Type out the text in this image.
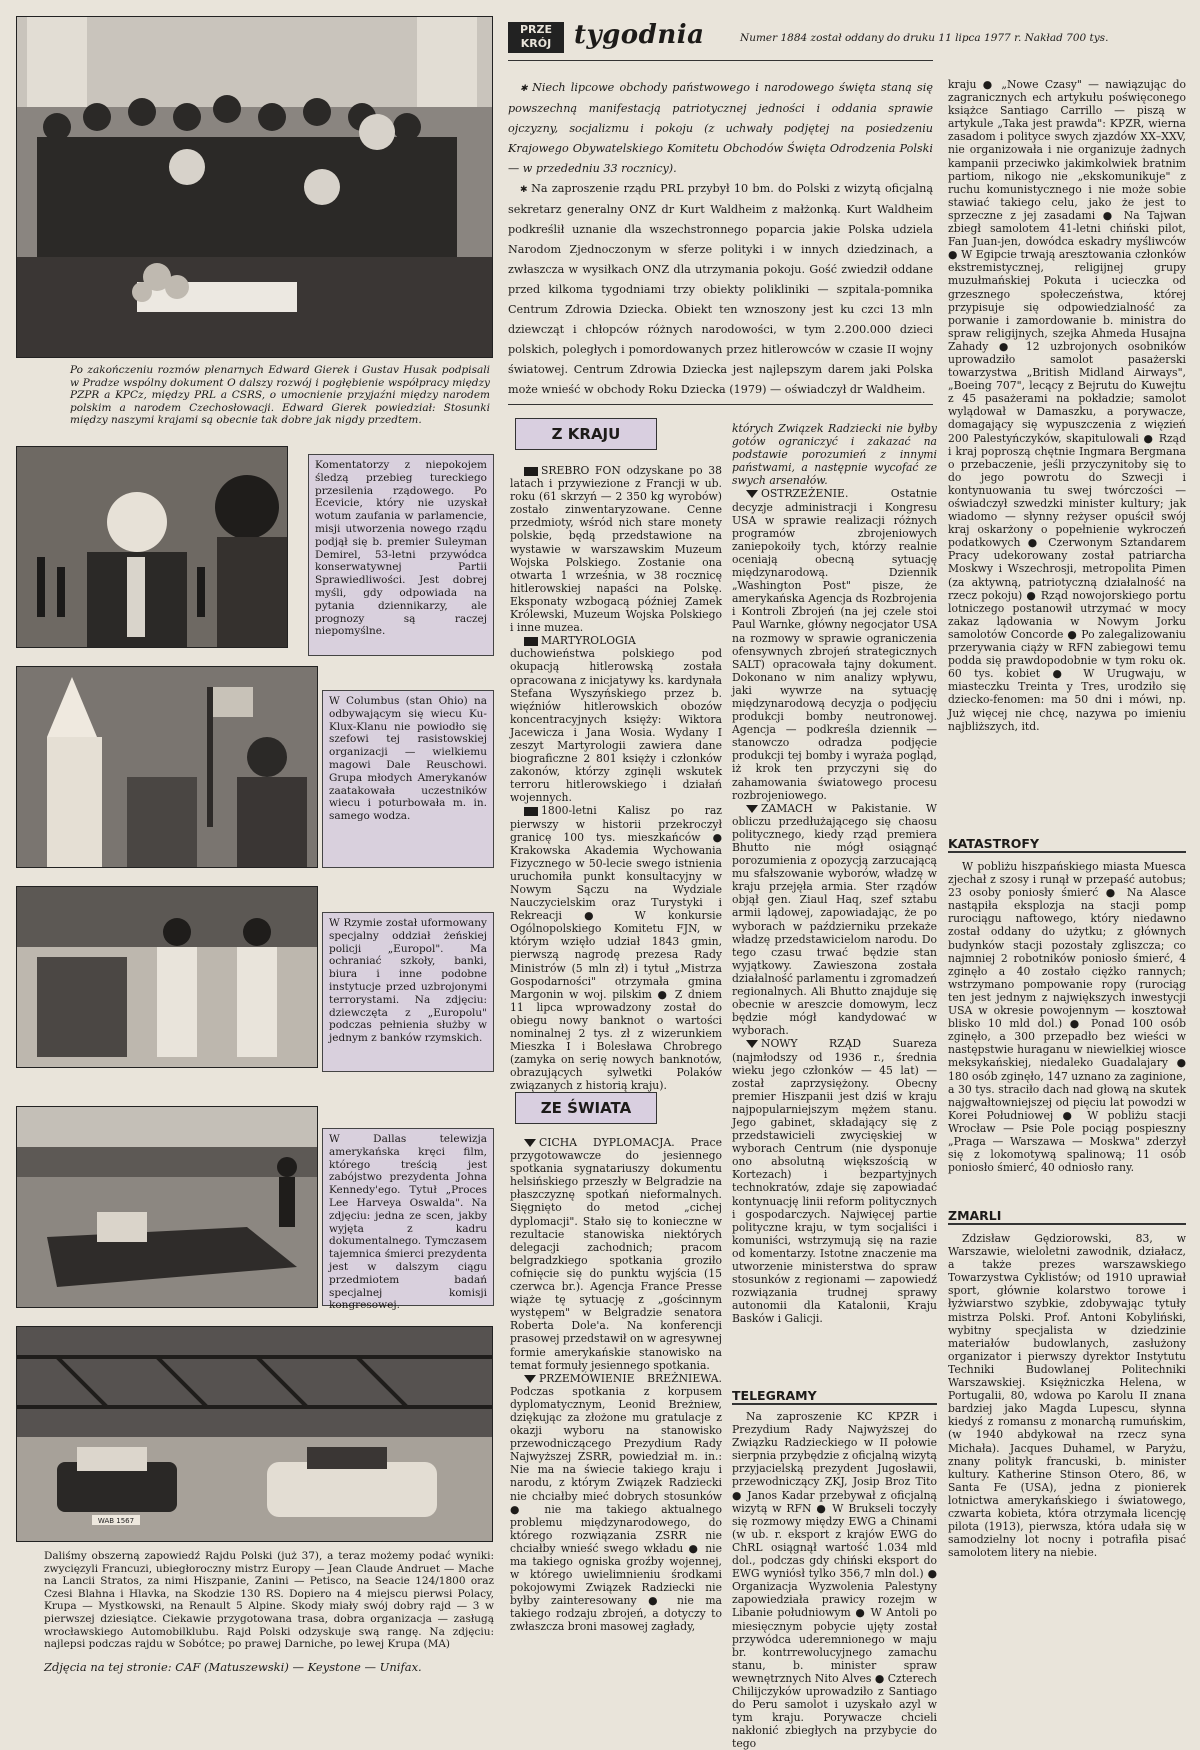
Po zakończeniu rozmów plenarnych Edward Gierek i Gustav Husak podpisali w Pradze wspólny dokument O dalszy rozwój i pogłębienie współpracy między PZPR a KPCz, między PRL a CSRS, o umocnienie przyjaźni między narodem polskim a narodem Czechosłowacji. Edward Gierek powiedział: Stosunki między naszymi krajami są obecnie tak dobre jak nigdy przedtem.
Komentatorzy z niepokojem śledzą przebieg tureckiego przesilenia rządowego. Po Ecevicie, który nie uzyskał wotum zaufania w parlamencie, misji utworzenia nowego rządu podjął się b. premier Suleyman Demirel, 53-letni przywódca konserwatywnej Partii Sprawiedliwości. Jest dobrej myśli, gdy odpowiada na pytania dziennikarzy, ale prognozy są raczej niepomyślne.
W Columbus (stan Ohio) na odbywającym się wiecu Ku-Klux-Klanu nie powiodło się szefowi tej rasistowskiej organizacji — wielkiemu magowi Dale Reuschowi. Grupa młodych Amerykanów zaatakowała uczestników wiecu i poturbowała m. in. samego wodza.
W Rzymie został uformowany specjalny oddział żeńskiej policji „Europol". Ma ochraniać szkoły, banki, biura i inne podobne instytucje przed uzbrojonymi terrorystami. Na zdjęciu: dziewczęta z „Europolu" podczas pełnienia służby w jednym z banków rzymskich.
W Dallas telewizja amerykańska kręci film, którego treścią jest zabójstwo prezydenta Johna Kennedy'ego. Tytuł „Proces Lee Harveya Oswalda". Na zdjęciu: jedna ze scen, jakby wyjęta z kadru dokumentalnego. Tymczasem tajemnica śmierci prezydenta jest w dalszym ciągu przedmiotem badań specjalnej komisji kongresowej.
WAB 1567
Daliśmy obszerną zapowiedź Rajdu Polski (już 37), a teraz możemy podać wyniki: zwycięzyli Francuzi, ubiegłoroczny mistrz Europy — Jean Claude Andruet — Mache na Lancii Stratos, za nimi Hiszpanie, Zanini — Petisco, na Seacie 124/1800 oraz Czesi Blahna i Hlavka, na Skodzie 130 RS. Dopiero na 4 miejscu pierwsi Polacy, Krupa — Mystkowski, na Renault 5 Alpine. Skody miały swój dobry rajd — 3 w pierwszej dziesiątce. Ciekawie przygotowana trasa, dobra organizacja — zasługą wrocławskiego Automobilklubu. Rajd Polski odzyskuje swą rangę. Na zdjęciu: najlepsi podczas rajdu w Sobótce; po prawej Darniche, po lewej Krupa (MA)
Zdjęcia na tej stronie: CAF (Matuszewski) — Keystone — Unifax.
PRZE
KRÓJ tygodnia	Numer 1884 został oddany do druku 11 lipca 1977 r. Nakład 700 tys.

✱ Niech lipcowe obchody państwowego i narodowego święta staną się powszechną manifestacją patriotycznej jedności i oddania sprawie ojczyzny, socjalizmu i pokoju (z uchwały podjętej na posiedzeniu Krajowego Obywatelskiego Komitetu Obchodów Święta Odrodzenia Polski — w przededniu 33 rocznicy).

✱ Na zaproszenie rządu PRL przybył 10 bm. do Polski z wizytą oficjalną sekretarz generalny ONZ dr Kurt Waldheim z małżonką. Kurt Waldheim podkreślił uznanie dla wszechstronnego poparcia jakie Polska udziela Narodom Zjednoczonym w sferze polityki i w innych dziedzinach, a zwłaszcza w wysiłkach ONZ dla utrzymania pokoju. Gość zwiedził oddane przed kilkoma tygodniami trzy obiekty polikliniki — szpitala-pomnika Centrum Zdrowia Dziecka. Obiekt ten wznoszony jest ku czci 13 mln dziewcząt i chłopców różnych narodowości, w tym 2.200.000 dzieci polskich, poległych i pomordowanych przez hitlerowców w czasie II wojny światowej. Centrum Zdrowia Dziecka jest najlepszym darem jaki Polska może wnieść w obchody Roku Dziecka (1979) — oświadczył dr Waldheim.

Z KRAJU

SREBRO FON odzyskane po 38 latach i przywiezione z Francji w ub. roku (61 skrzyń — 2 350 kg wyrobów) zostało zinwentaryzowane. Cenne przedmioty, wśród nich stare monety polskie, będą przedstawione na wystawie w warszawskim Muzeum Wojska Polskiego. Zostanie ona otwarta 1 września, w 38 rocznicę hitlerowskiej napaści na Polskę. Eksponaty wzbogacą później Zamek Królewski, Muzeum Wojska Polskiego i inne muzea.

MARTYROLOGIA duchowieństwa polskiego pod okupacją hitlerowską została opracowana z inicjatywy ks. kardynała Stefana Wyszyńskiego przez b. więźniów hitlerowskich obozów koncentracyjnych księży: Wiktora Jacewicza i Jana Wosia. Wydany I zeszyt Martyrologii zawiera dane biograficzne 2 801 księży i członków zakonów, którzy zginęli wskutek terroru hitlerowskiego i działań wojennych.

1800-letni Kalisz po raz pierwszy w historii przekroczył granicę 100 tys. mieszkańców ● Krakowska Akademia Wychowania Fizycznego w 50-lecie swego istnienia uruchomiła punkt konsultacyjny w Nowym Sączu na Wydziale Nauczycielskim oraz Turystyki i Rekreacji ● W konkursie Ogólnopolskiego Komitetu FJN, w którym wzięło udział 1843 gmin, pierwszą nagrodę prezesa Rady Ministrów (5 mln zł) i tytuł „Mistrza Gospodarności" otrzymała gmina Margonin w woj. pilskim ● Z dniem 11 lipca wprowadzony został do obiegu nowy banknot o wartości nominalnej 2 tys. zł z wizerunkiem Mieszka I i Bolesława Chrobrego (zamyka on serię nowych banknotów, obrazujących sylwetki Polaków związanych z historią kraju).

ZE ŚWIATA

CICHA DYPLOMACJA. Prace przygotowawcze do jesiennego spotkania sygnatariuszy dokumentu helsińskiego przeszły w Belgradzie na płaszczyznę spotkań nieformalnych. Sięgnięto do metod „cichej dyplomacji". Stało się to konieczne w rezultacie stanowiska niektórych delegacji zachodnich; pracom belgradzkiego spotkania groziło cofnięcie się do punktu wyjścia (15 czerwca br.). Agencja France Presse wiąże tę sytuację z „gościnnym występem" w Belgradzie senatora Roberta Dole'a. Na konferencji prasowej przedstawił on w agresywnej formie amerykańskie stanowisko na temat formuły jesiennego spotkania.

PRZEMÓWIENIE BREŻNIEWA. Podczas spotkania z korpusem dyplomatycznym, Leonid Breżniew, dziękując za złożone mu gratulacje z okazji wyboru na stanowisko przewodniczącego Prezydium Rady Najwyższej ZSRR, powiedział m. in.: Nie ma na świecie takiego kraju i narodu, z którym Związek Radziecki nie chciałby mieć dobrych stosunków ● nie ma takiego aktualnego problemu międzynarodowego, do którego rozwiązania ZSRR nie chciałby wnieść swego wkładu ● nie ma takiego ogniska groźby wojennej, w którego uwielimnieniu środkami pokojowymi Związek Radziecki nie byłby zainteresowany ● nie ma takiego rodzaju zbrojeń, a dotyczy to zwłaszcza broni masowej zagłady,

których Związek Radziecki nie byłby gotów ograniczyć i zakazać na podstawie porozumień z innymi państwami, a następnie wycofać ze swych arsenałów.

OSTRZEŻENIE. Ostatnie decyzje administracji i Kongresu USA w sprawie realizacji różnych programów zbrojeniowych zaniepokoiły tych, którzy realnie oceniają obecną sytuację międzynarodową. Dziennik „Washington Post" pisze, że amerykańska Agencja ds Rozbrojenia i Kontroli Zbrojeń (na jej czele stoi Paul Warnke, główny negocjator USA na rozmowy w sprawie ograniczenia ofensywnych zbrojeń strategicznych SALT) opracowała tajny dokument. Dokonano w nim analizy wpływu, jaki wywrze na sytuację międzynarodową decyzja o podjęciu produkcji bomby neutronowej. Agencja — podkreśla dziennik — stanowczo odradza podjęcie produkcji tej bomby i wyraża pogląd, iż krok ten przyczyni się do zahamowania światowego procesu rozbrojeniowego.

ZAMACH w Pakistanie. W obliczu przedłużającego się chaosu politycznego, kiedy rząd premiera Bhutto nie mógł osiągnąć porozumienia z opozycją zarzucającą mu sfałszowanie wyborów, władzę w kraju przejęła armia. Ster rządów objął gen. Ziaul Haq, szef sztabu armii lądowej, zapowiadając, że po wyborach w październiku przekaże władzę przedstawicielom narodu. Do tego czasu trwać będzie stan wyjątkowy. Zawieszona została działalność parlamentu i zgromadzeń regionalnych. Ali Bhutto znajduje się obecnie w areszcie domowym, lecz będzie mógł kandydować w wyborach.

NOWY RZĄD Suareza (najmłodszy od 1936 r., średnia wieku jego członków — 45 lat) — został zaprzysiężony. Obecny premier Hiszpanii jest dziś w kraju najpopularniejszym mężem stanu. Jego gabinet, składający się z przedstawicieli zwycięskiej w wyborach Centrum (nie dysponuje ono absolutną większością w Kortezach) i bezpartyjnych technokratów, zdaje się zapowiadać kontynuację linii reform politycznych i gospodarczych. Najwięcej partie polityczne kraju, w tym socjaliści i komuniści, wstrzymują się na razie od komentarzy. Istotne znaczenie ma utworzenie ministerstwa do spraw stosunków z regionami — zapowiedź rozwiązania trudnej sprawy autonomii dla Katalonii, Kraju Basków i Galicji.

TELEGRAMY

Na zaproszenie KC KPZR i Prezydium Rady Najwyższej do Związku Radzieckiego w II połowie sierpnia przybędzie z oficjalną wizytą przyjacielską prezydent Jugosławii, przewodniczący ZKJ, Josip Broz Tito ● Janos Kadar przebywał z oficjalną wizytą w RFN ● W Brukseli toczyły się rozmowy między EWG a Chinami (w ub. r. eksport z krajów EWG do ChRL osiągnął wartość 1.034 mld dol., podczas gdy chiński eksport do EWG wyniósł tylko 356,7 mln dol.) ● Organizacja Wyzwolenia Palestyny zapowiedziała prawicy rozejm w Libanie południowym ● W Antoli po miesięcznym pobycie ujęty został przywódca uderemnionego w maju br. kontrrewolucyjnego zamachu stanu, b. minister spraw wewnętrznych Nito Alves ● Czterech Chilijczyków uprowadziło z Santiago do Peru samolot i uzyskało azyl w tym kraju. Porywacze chcieli nakłonić zbiegłych na przybycie do tego

kraju ● „Nowe Czasy" — nawiązując do zagranicznych ech artykułu poświęconego książce Santiago Carrillo — piszą w artykule „Taka jest prawda": KPZR, wierna zasadom i polityce swych zjazdów XX–XXV, nie organizowała i nie organizuje żadnych kampanii przeciwko jakimkolwiek bratnim partiom, nikogo nie „ekskomunikuje" z ruchu komunistycznego i nie może sobie stawiać takiego celu, jako że jest to sprzeczne z jej zasadami ● Na Tajwan zbiegł samolotem 41-letni chiński pilot, Fan Juan-jen, dowódca eskadry myśliwców ● W Egipcie trwają aresztowania członków ekstremistycznej, religijnej grupy muzułmańskiej Pokuta i ucieczka od grzesznego społeczeństwa, której przypisuje się odpowiedzialność za porwanie i zamordowanie b. ministra do spraw religijnych, szejka Ahmeda Husajna Zahady ● 12 uzbrojonych osobników uprowadziło samolot pasażerski towarzystwa „British Midland Airways", „Boeing 707", lecący z Bejrutu do Kuwejtu z 45 pasażerami na pokładzie; samolot wylądował w Damaszku, a porywacze, domagający się wypuszczenia z więzień 200 Palestyńczyków, skapitulowali ● Rząd i kraj poproszą chętnie Ingmara Bergmana o przebaczenie, jeśli przyczynitoby się to do jego powrotu do Szwecji i kontynuowania tu swej twórczości — oświadczył szwedzki minister kultury; jak wiadomo — słynny reżyser opuścił swój kraj oskarżony o popełnienie wykroczeń podatkowych ● Czerwonym Sztandarem Pracy udekorowany został patriarcha Moskwy i Wszechrosji, metropolita Pimen (za aktywną, patriotyczną działalność na rzecz pokoju) ● Rząd nowojorskiego portu lotniczego postanowił utrzymać w mocy zakaz lądowania w Nowym Jorku samolotów Concorde ● Po zalegalizowaniu przerywania ciąży w RFN zabiegowi temu podda się prawdopodobnie w tym roku ok. 60 tys. kobiet ● W Urugwaju, w miasteczku Treinta y Tres, urodziło się dziecko-fenomen: ma 50 dni i mówi, np. Już więcej nie chcę, nazywa po imieniu najbliższych, itd.

KATASTROFY

W pobliżu hiszpańskiego miasta Muesca zjechał z szosy i runął w przepaść autobus; 23 osoby poniosły śmierć ● Na Alasce nastąpiła eksplozja na stacji pomp rurociągu naftowego, który niedawno został oddany do użytku; z głównych budynków stacji pozostały zgliszcza; co najmniej 2 robotników poniosło śmierć, 4 zginęło a 40 zostało ciężko rannych; wstrzymano pompowanie ropy (rurociąg ten jest jednym z największych inwestycji USA w okresie powojennym — kosztował blisko 10 mld dol.) ● Ponad 100 osób zginęło, a 300 przepadło bez wieści w następstwie huraganu w niewielkiej wiosce meksykańskiej, niedaleko Guadalajary ● 180 osób zginęło, 147 uznano za zaginione, a 30 tys. straciło dach nad głową na skutek najgwałtowniejszej od pięciu lat powodzi w Korei Południowej ● W pobliżu stacji Wrocław — Psie Pole pociąg pospieszny „Praga — Warszawa — Moskwa" zderzył się z lokomotywą spalinową; 11 osób poniosło śmierć, 40 odniosło rany.

ZMARLI

Zdzisław Gędziorowski, 83, w Warszawie, wieloletni zawodnik, działacz, a także prezes warszawskiego Towarzystwa Cyklistów; od 1910 uprawiał sport, głównie kolarstwo torowe i łyżwiarstwo szybkie, zdobywając tytuły mistrza Polski. Prof. Antoni Kobyliński, wybitny specjalista w dziedzinie materiałów budowlanych, zasłużony organizator i pierwszy dyrektor Instytutu Techniki Budowlanej Politechniki Warszawskiej. Księżniczka Helena, w Portugalii, 80, wdowa po Karolu II znana bardziej jako Magda Lupescu, słynna kiedyś z romansu z monarchą rumuńskim, (w 1940 abdykował na rzecz syna Michała). Jacques Duhamel, w Paryżu, znany polityk francuski, b. minister kultury. Katherine Stinson Otero, 86, w Santa Fe (USA), jedna z pionierek lotnictwa amerykańskiego i światowego, czwarta kobieta, która otrzymała licencję pilota (1913), pierwsza, która udała się w samodzielny lot nocny i potrafiła pisać samolotem litery na niebie.
